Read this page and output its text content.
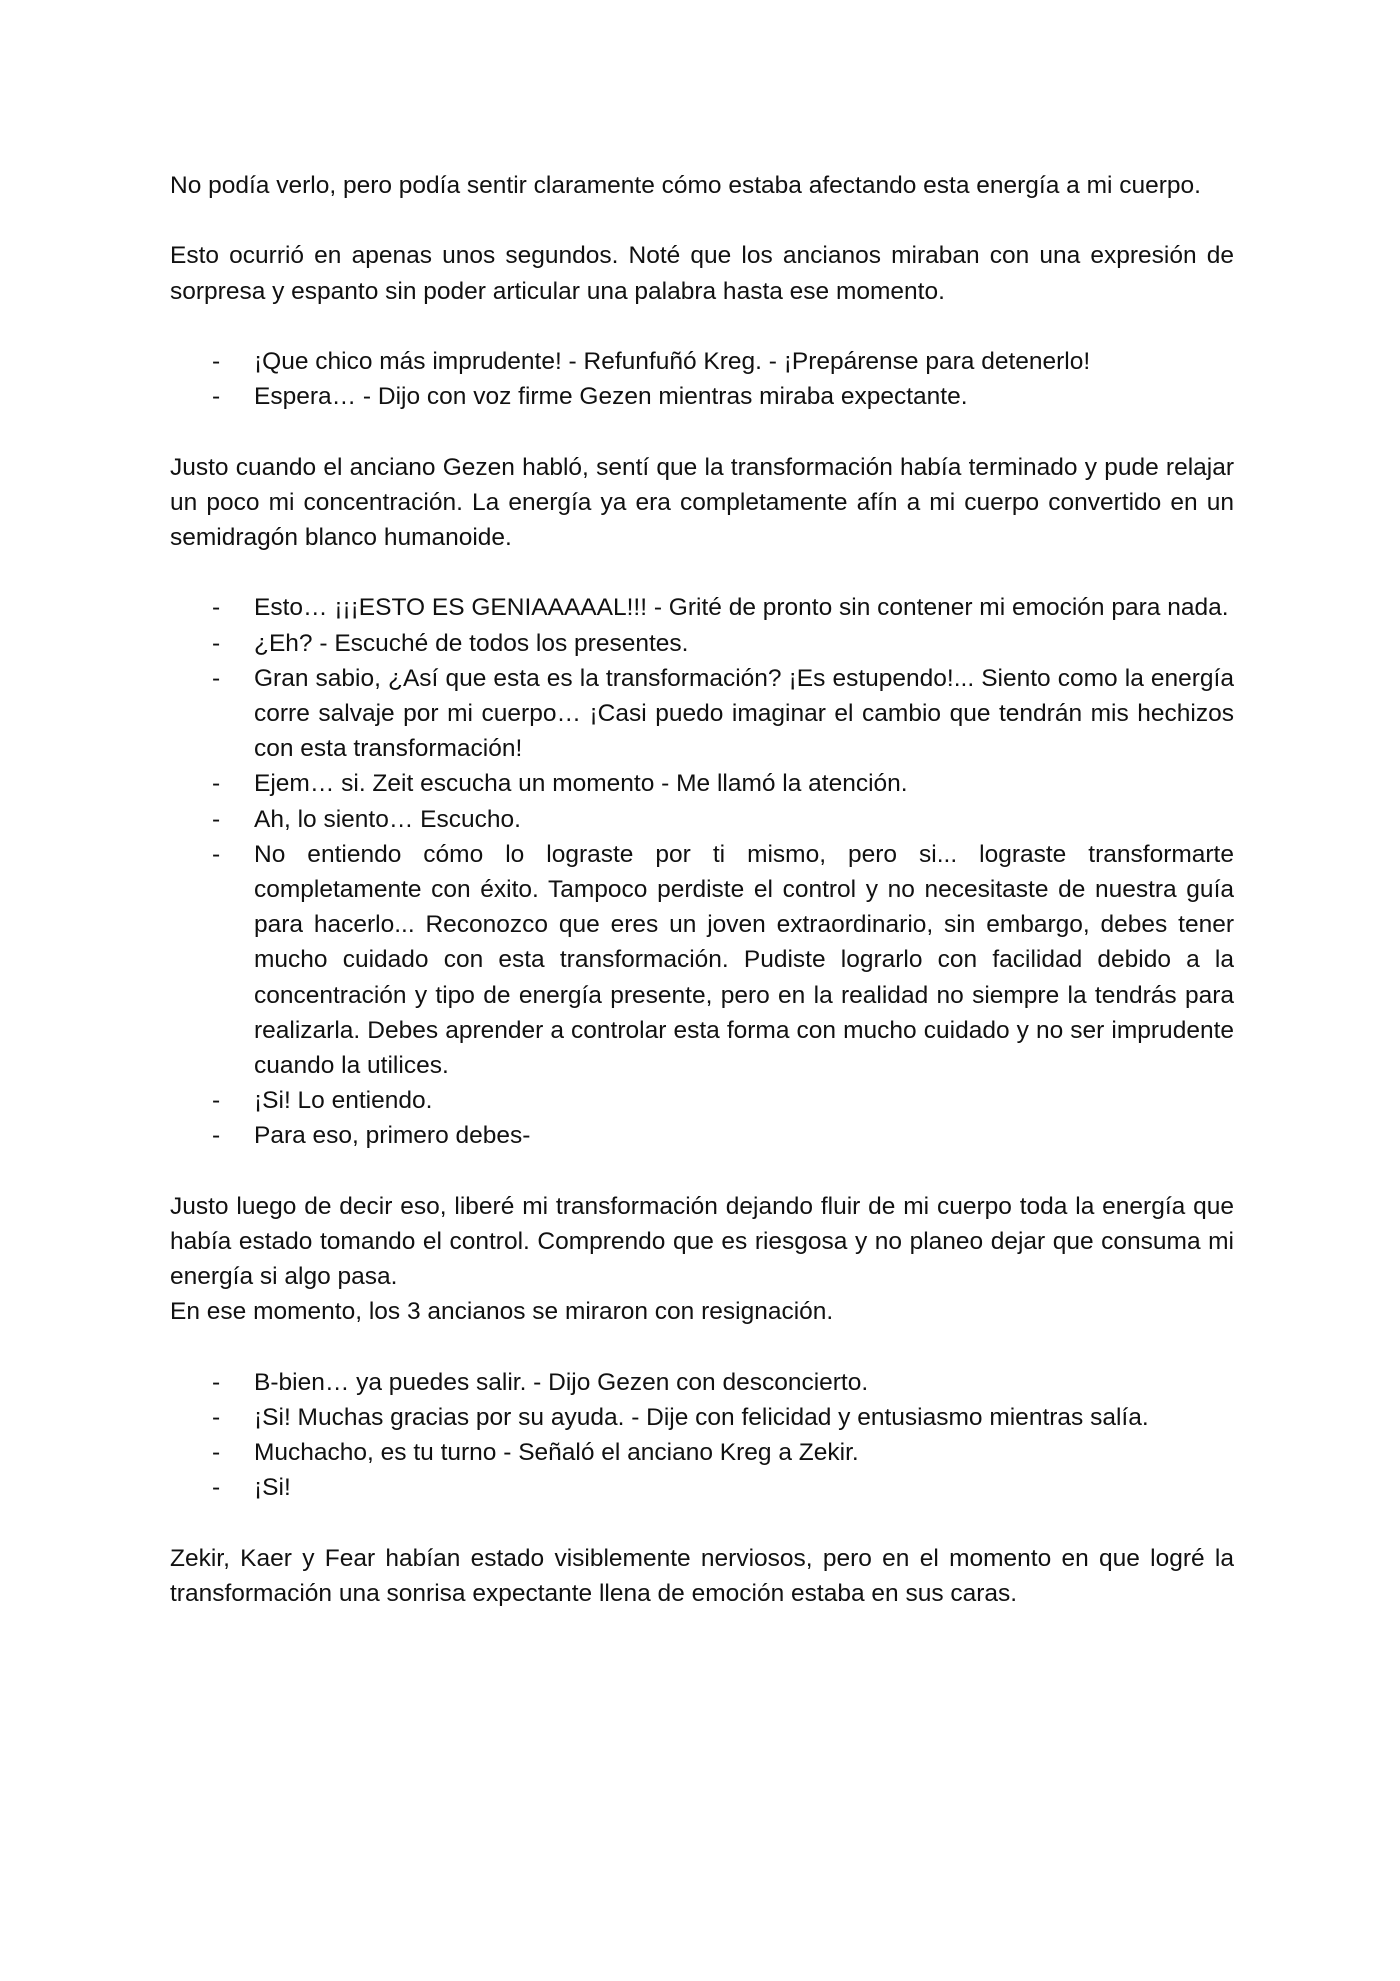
No podía verlo, pero podía sentir claramente cómo estaba afectando esta energía a mi cuerpo.

Esto ocurrió en apenas unos segundos. Noté que los ancianos miraban con una expresión de sorpresa y espanto sin poder articular una palabra hasta ese momento.

- ¡Que chico más imprudente! - Refunfuñó Kreg. - ¡Prepárense para detenerlo!
- Espera… - Dijo con voz firme Gezen mientras miraba expectante.

Justo cuando el anciano Gezen habló, sentí que la transformación había terminado y pude relajar un poco mi concentración. La energía ya era completamente afín a mi cuerpo convertido en un semidragón blanco humanoide.

- Esto… ¡¡¡ESTO ES GENIAAAAAL!!! - Grité de pronto sin contener mi emoción para nada.
- ¿Eh? - Escuché de todos los presentes.
- Gran sabio, ¿Así que esta es la transformación? ¡Es estupendo!... Siento como la energía corre salvaje por mi cuerpo… ¡Casi puedo imaginar el cambio que tendrán mis hechizos con esta transformación!
- Ejem… si. Zeit escucha un momento - Me llamó la atención.
- Ah, lo siento… Escucho.
- No entiendo cómo lo lograste por ti mismo, pero si... lograste transformarte completamente con éxito. Tampoco perdiste el control y no necesitaste de nuestra guía para hacerlo... Reconozco que eres un joven extraordinario, sin embargo, debes tener mucho cuidado con esta transformación. Pudiste lograrlo con facilidad debido a la concentración y tipo de energía presente, pero en la realidad no siempre la tendrás para realizarla. Debes aprender a controlar esta forma con mucho cuidado y no ser imprudente cuando la utilices.
- ¡Si! Lo entiendo.
- Para eso, primero debes-

Justo luego de decir eso, liberé mi transformación dejando fluir de mi cuerpo toda la energía que había estado tomando el control. Comprendo que es riesgosa y no planeo dejar que consuma mi energía si algo pasa.

En ese momento, los 3 ancianos se miraron con resignación.

- B-bien… ya puedes salir. - Dijo Gezen con desconcierto.
- ¡Si! Muchas gracias por su ayuda. - Dije con felicidad y entusiasmo mientras salía.
- Muchacho, es tu turno - Señaló el anciano Kreg a Zekir.
- ¡Si!

Zekir, Kaer y Fear habían estado visiblemente nerviosos, pero en el momento en que logré la transformación una sonrisa expectante llena de emoción estaba en sus caras.
